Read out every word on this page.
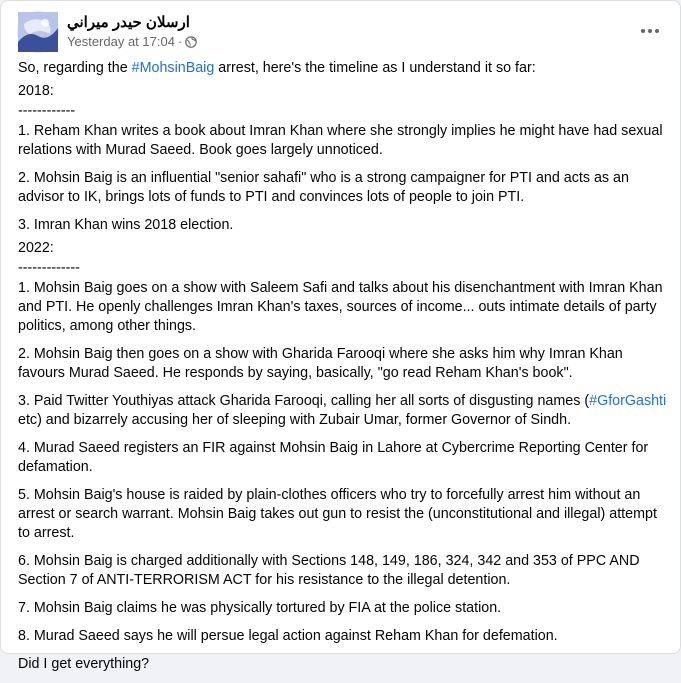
ارسلان حيدر ميراني
Yesterday at 17:04 ·

So, regarding the #MohsinBaig arrest, here's the timeline as I understand it so far:

2018:

------------

1. Reham Khan writes a book about Imran Khan where she strongly implies he might have had sexual relations with Murad Saeed. Book goes largely unnoticed.

2. Mohsin Baig is an influential "senior sahafi" who is a strong campaigner for PTI and acts as an advisor to IK, brings lots of funds to PTI and convinces lots of people to join PTI.

3. Imran Khan wins 2018 election.

2022:

-------------

1. Mohsin Baig goes on a show with Saleem Safi and talks about his disenchantment with Imran Khan and PTI. He openly challenges Imran Khan's taxes, sources of income... outs intimate details of party politics, among other things.

2. Mohsin Baig then goes on a show with Gharida Farooqi where she asks him why Imran Khan favours Murad Saeed. He responds by saying, basically, "go read Reham Khan's book".

3. Paid Twitter Youthiyas attack Gharida Farooqi, calling her all sorts of disgusting names (#GforGashti etc) and bizarrely accusing her of sleeping with Zubair Umar, former Governor of Sindh.

4. Murad Saeed registers an FIR against Mohsin Baig in Lahore at Cybercrime Reporting Center for defamation.

5. Mohsin Baig's house is raided by plain-clothes officers who try to forcefully arrest him without an arrest or search warrant. Mohsin Baig takes out gun to resist the (unconstitutional and illegal) attempt to arrest.

6. Mohsin Baig is charged additionally with Sections 148, 149, 186, 324, 342 and 353 of PPC AND Section 7 of ANTI-TERRORISM ACT for his resistance to the illegal detention.

7. Mohsin Baig claims he was physically tortured by FIA at the police station.

8. Murad Saeed says he will persue legal action against Reham Khan for defemation.

Did I get everything?
